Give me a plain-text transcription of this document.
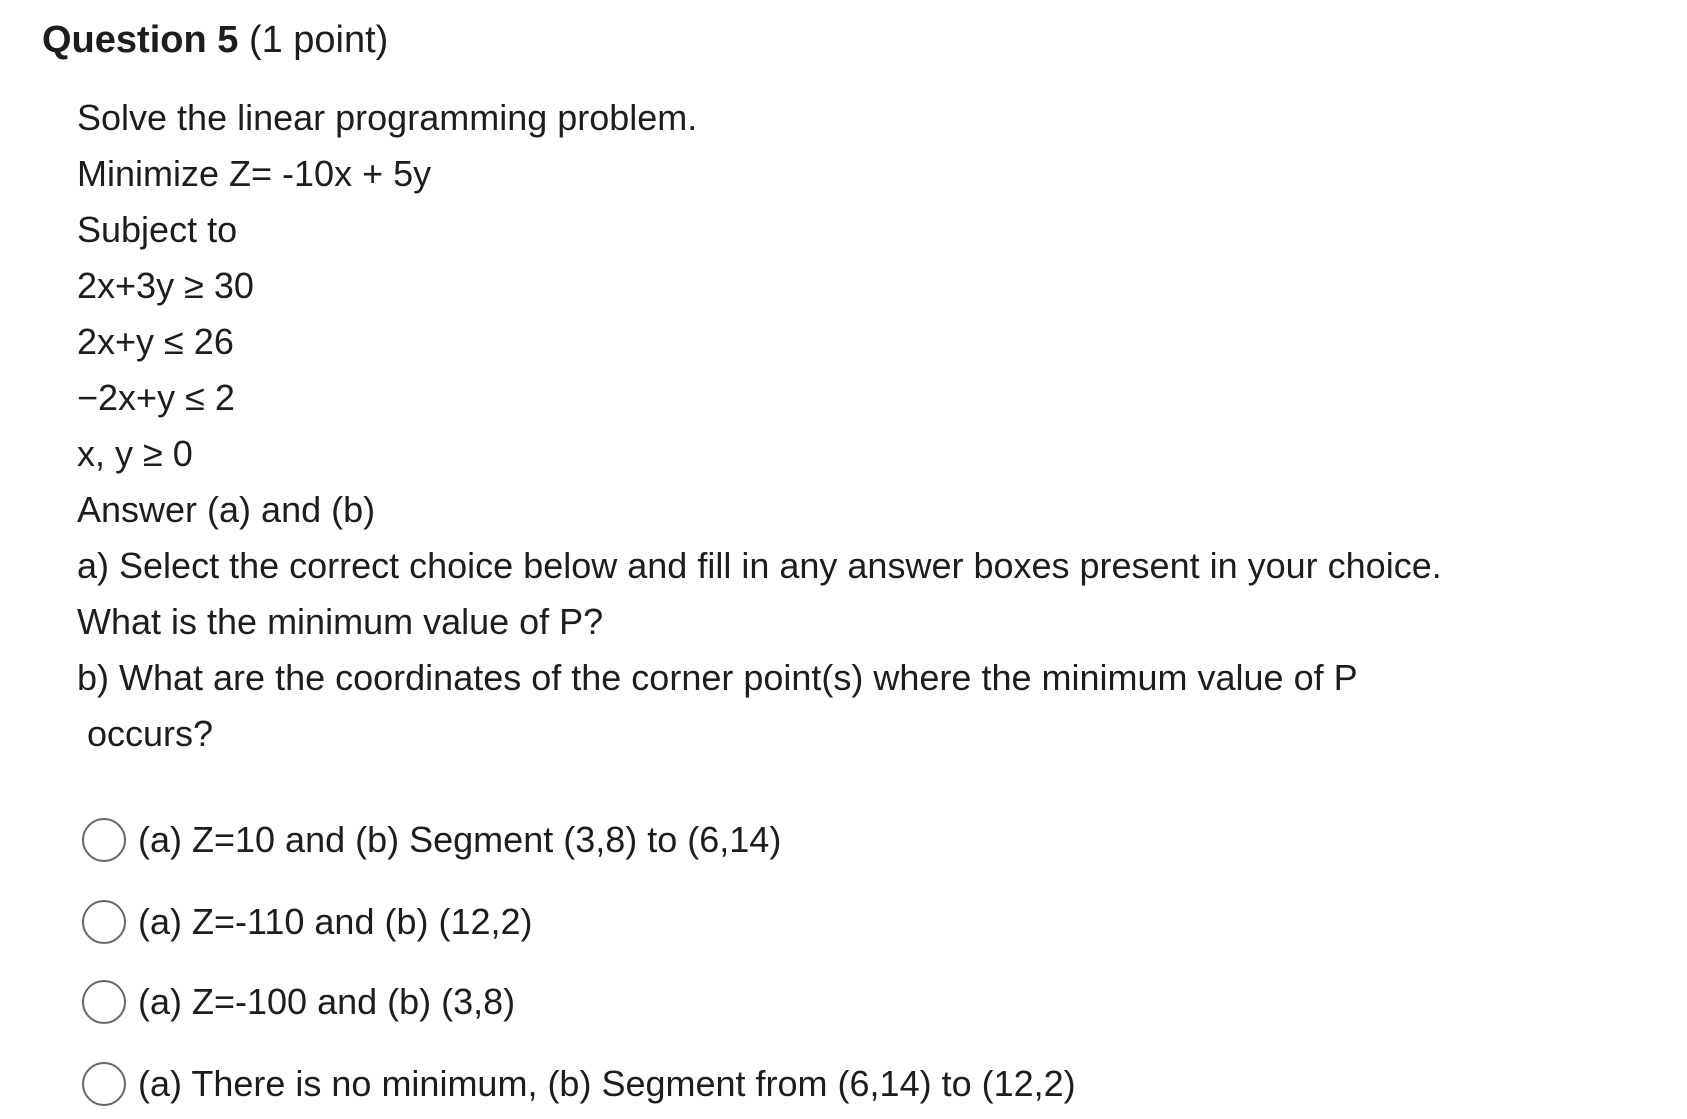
Question 5 (1 point)
Solve the linear programming problem.
Minimize Z= -10x + 5y
Subject to
2x+3y ≥ 30
2x+y ≤ 26
−2x+y ≤ 2
x, y ≥ 0
Answer (a) and (b)
a) Select the correct choice below and fill in any answer boxes present in your choice.
What is the minimum value of P?
b) What are the coordinates of the corner point(s) where the minimum value of P
occurs?
(a) Z=10 and (b) Segment (3,8) to (6,14)
(a) Z=-110 and (b) (12,2)
(a) Z=-100 and (b) (3,8)
(a) There is no minimum, (b) Segment from (6,14) to (12,2)
